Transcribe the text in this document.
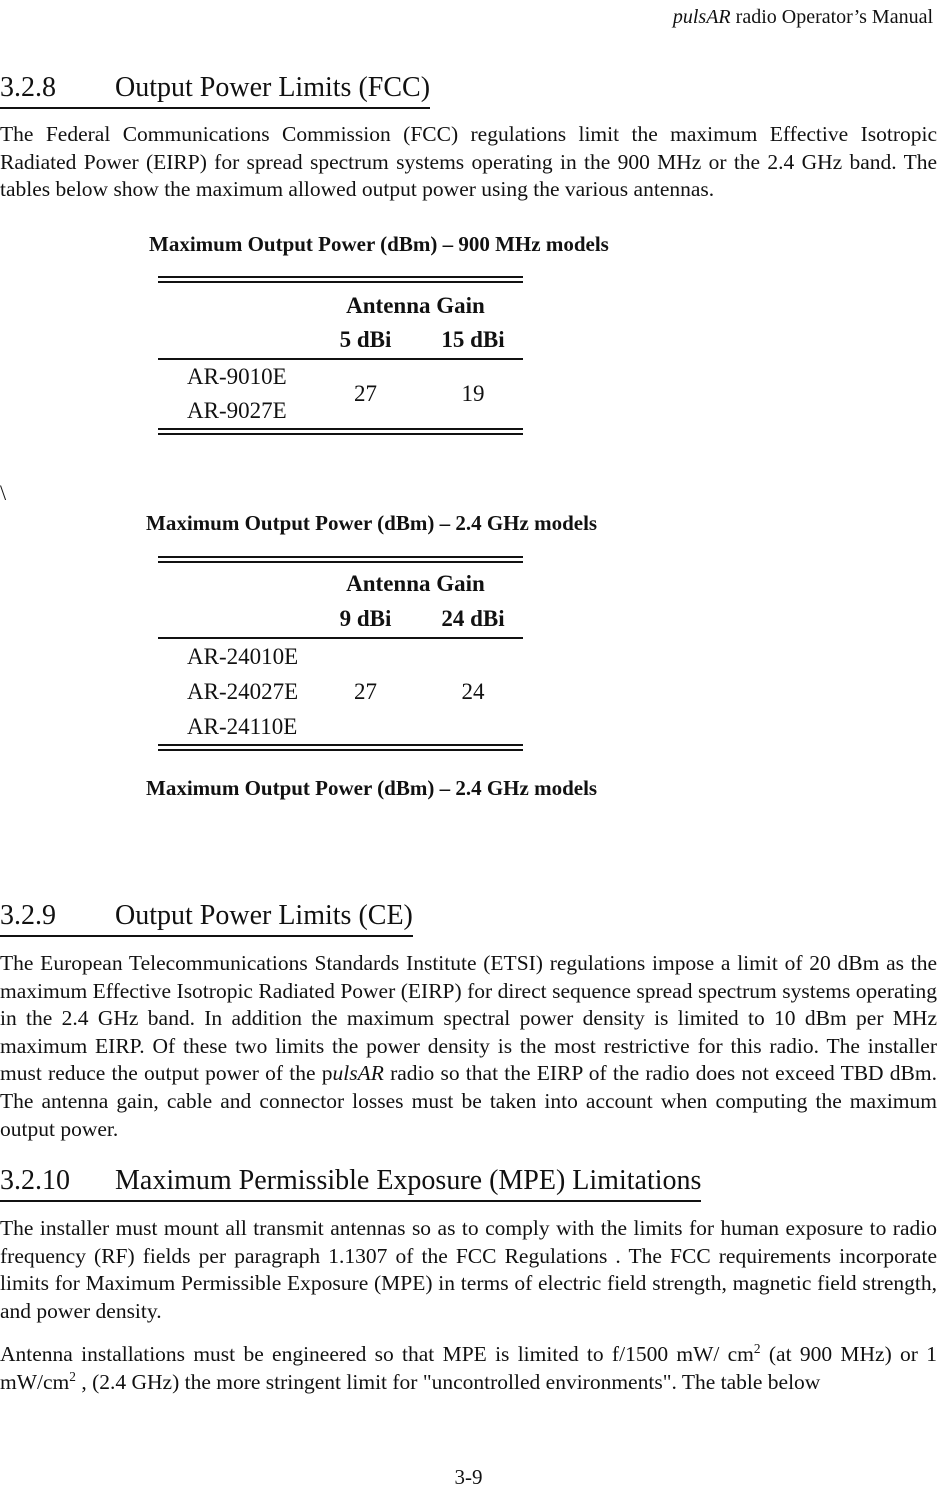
pulsAR radio Operator’s Manual
3.2.8 Output Power Limits (FCC)
The Federal Communications Commission (FCC) regulations limit the maximum Effective Isotropic Radiated Power (EIRP) for spread spectrum systems operating in the 900 MHz or the 2.4 GHz band. The tables below show the maximum allowed output power using the various antennas.
Maximum Output Power (dBm) – 900 MHz models
Antenna Gain
5 dBi	15 dBi
AR-9010E
AR-9027E
27	19
\
Maximum Output Power (dBm) – 2.4 GHz models
Antenna Gain
9 dBi	24 dBi
AR-24010E
AR-24027E
AR-24110E
27	24
Maximum Output Power (dBm) – 2.4 GHz models
3.2.9 Output Power Limits (CE)
The European Telecommunications Standards Institute (ETSI) regulations impose a limit of 20 dBm as the maximum Effective Isotropic Radiated Power (EIRP) for direct sequence spread spectrum systems operating in the 2.4 GHz band. In addition the maximum spectral power density is limited to 10 dBm per MHz maximum EIRP. Of these two limits the power density is the most restrictive for this radio. The installer must reduce the output power of the pulsAR radio so that the EIRP of the radio does not exceed TBD dBm. The antenna gain, cable and connector losses must be taken into account when computing the maximum output power.
3.2.10 Maximum Permissible Exposure (MPE) Limitations
The installer must mount all transmit antennas so as to comply with the limits for human exposure to radio frequency (RF) fields per paragraph 1.1307 of the FCC Regulations . The FCC requirements incorporate limits for Maximum Permissible Exposure (MPE) in terms of electric field strength, magnetic field strength, and power density.
Antenna installations must be engineered so that MPE is limited to f/1500 mW/ $cm^2$ (at 900 MHz) or 1 $mW/cm^2$ , (2.4 GHz) the more stringent limit for "uncontrolled environments". The table below
3-9
